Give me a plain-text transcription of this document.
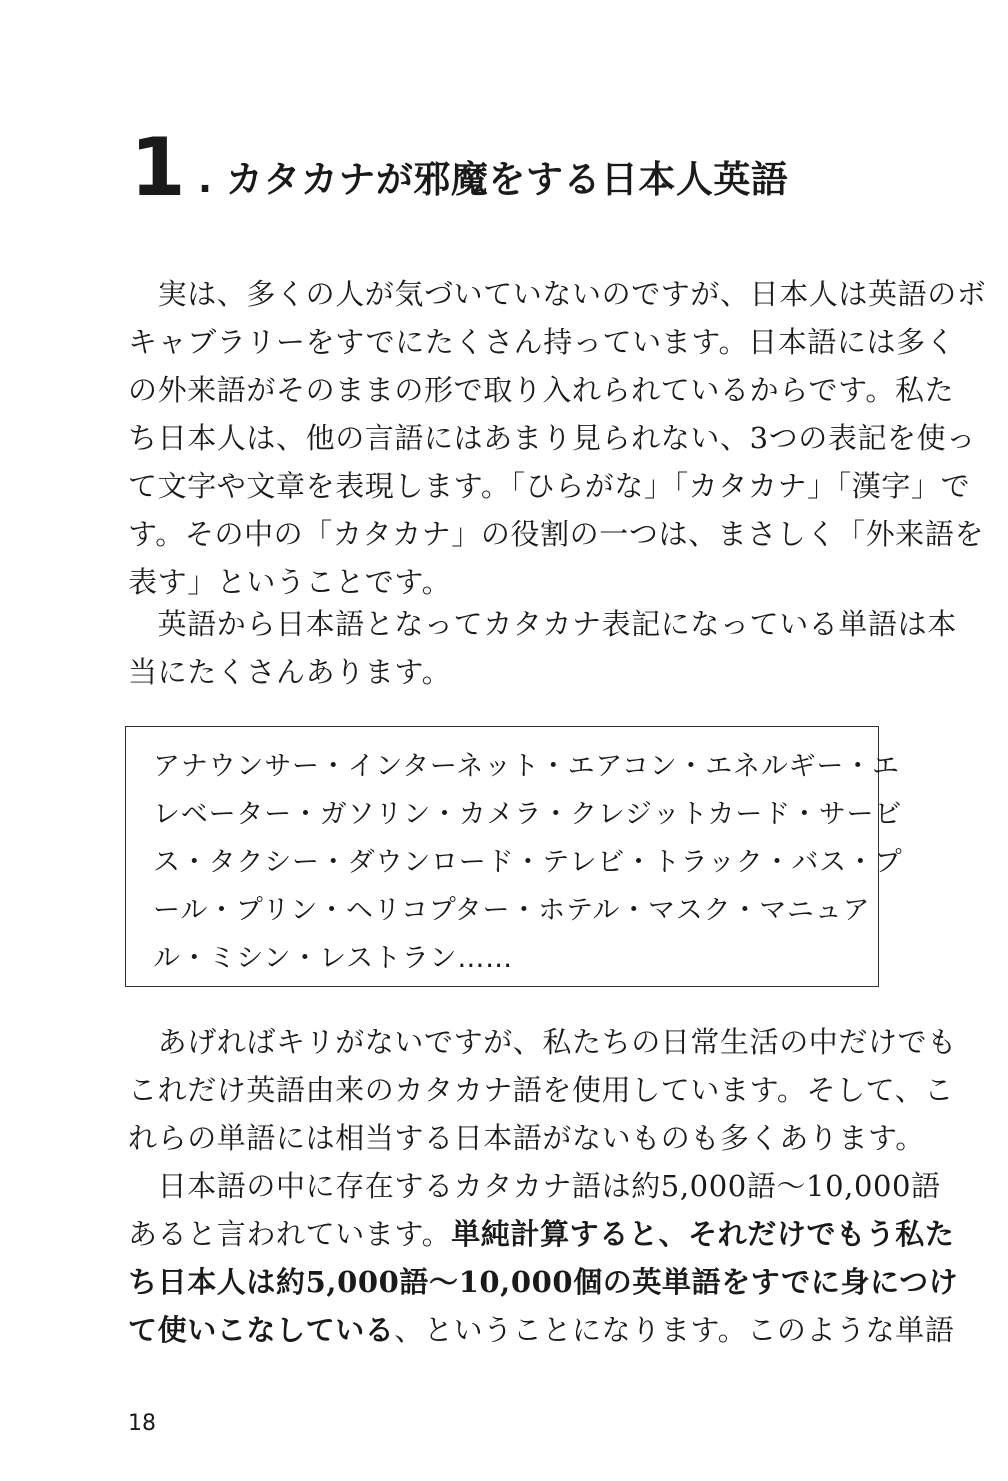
1 . カタカナが邪魔をする日本人英語
　実は、多くの人が気づいていないのですが、日本人は英語のボ
キャブラリーをすでにたくさん持っています。日本語には多く
の外来語がそのままの形で取り入れられているからです。私た
ち日本人は、他の言語にはあまり見られない、3つの表記を使っ
て文字や文章を表現します。「ひらがな」「カタカナ」「漢字」で
す。その中の「カタカナ」の役割の一つは、まさしく「外来語を
表す」ということです。
　英語から日本語となってカタカナ表記になっている単語は本
当にたくさんあります。
アナウンサー・インターネット・エアコン・エネルギー・エ
レベーター・ガソリン・カメラ・クレジットカード・サービ
ス・タクシー・ダウンロード・テレビ・トラック・バス・プ
ール・プリン・ヘリコプター・ホテル・マスク・マニュア
ル・ミシン・レストラン……
　あげればキリがないですが、私たちの日常生活の中だけでも
これだけ英語由来のカタカナ語を使用しています。そして、こ
れらの単語には相当する日本語がないものも多くあります。
　日本語の中に存在するカタカナ語は約5,000語～10,000語
あると言われています。単純計算すると、それだけでもう私た
ち日本人は約5,000語～10,000個の英単語をすでに身につけ
て使いこなしている、ということになります。このような単語
18
